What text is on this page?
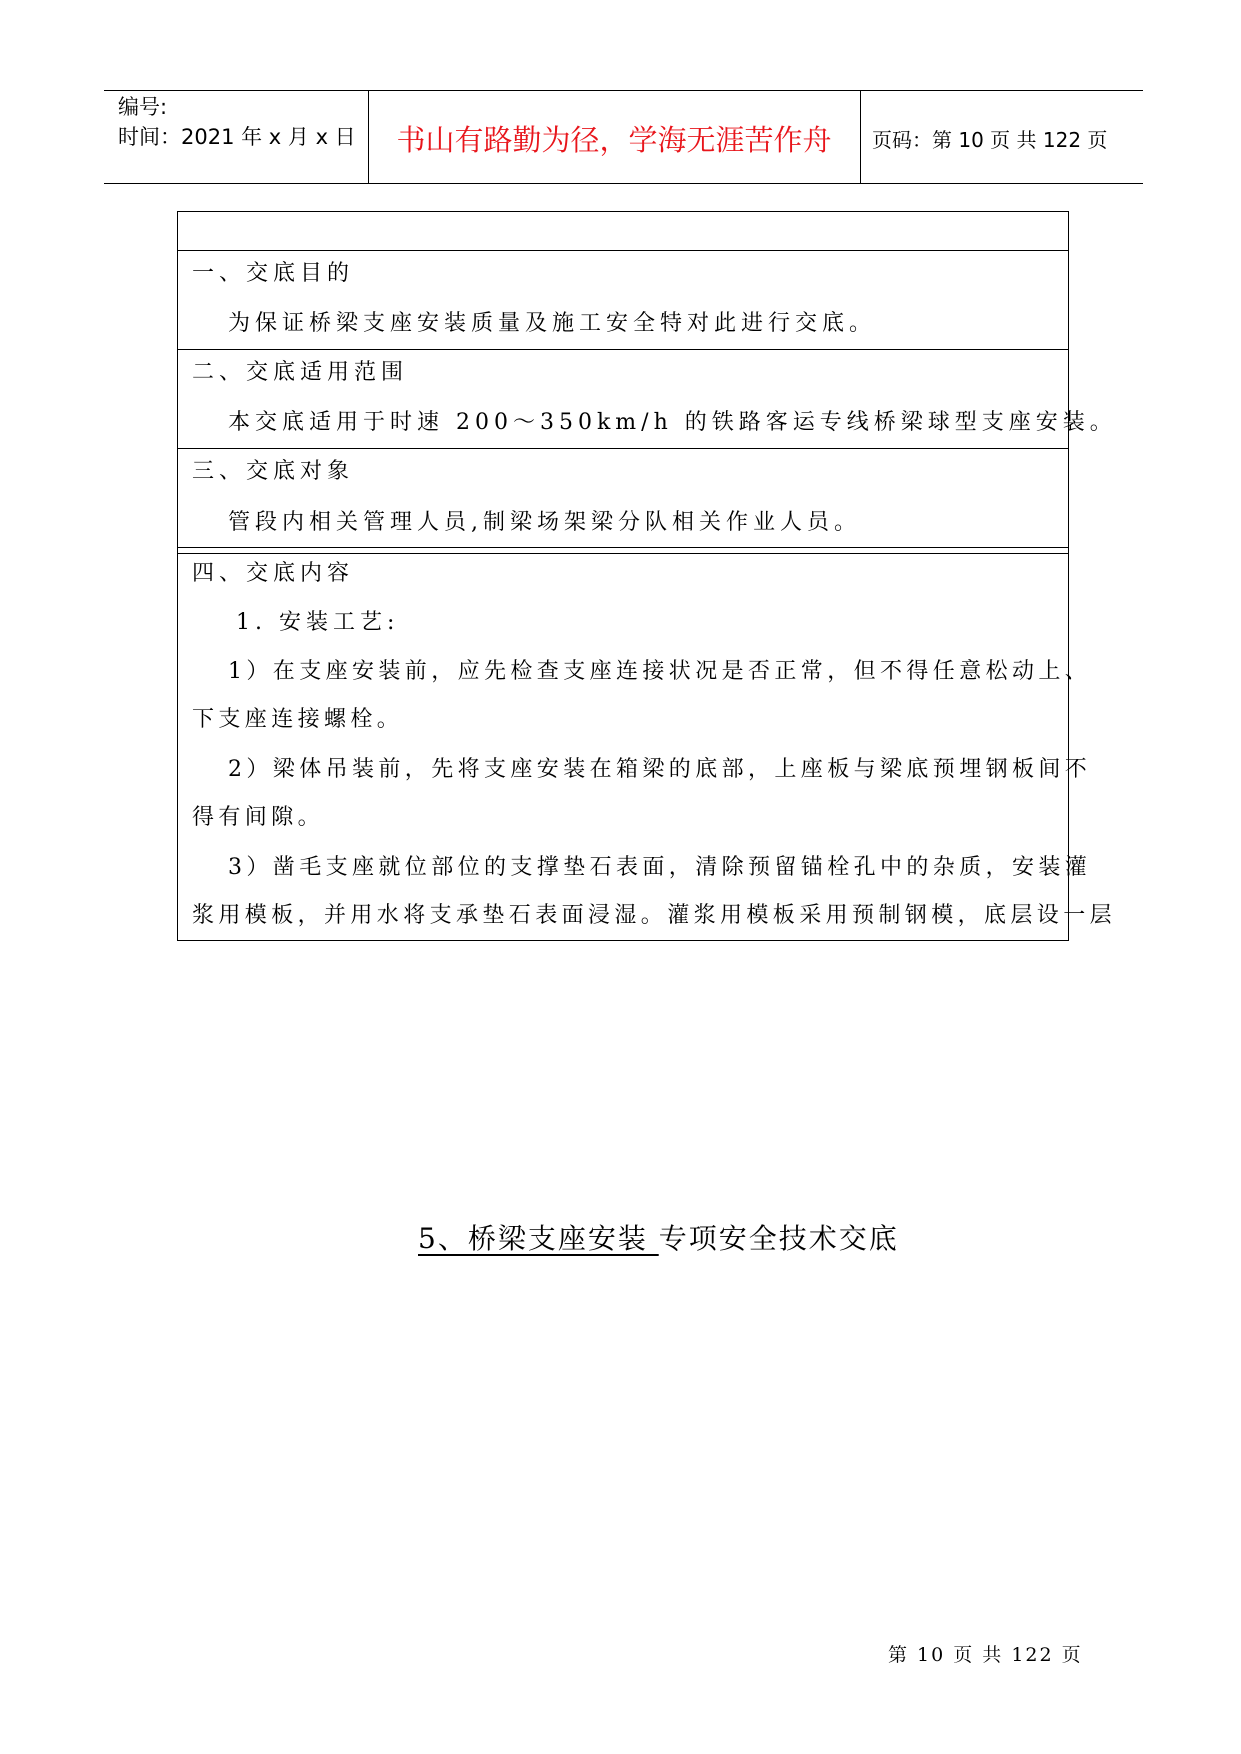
编号:
时间：2021 年 x 月 x 日	书山有路勤为径，学海无涯苦作舟	页码：第 10 页 共 122 页
一、交底目的
为保证桥梁支座安装质量及施工安全特对此进行交底。
二、交底适用范围
本交底适用于时速 200～350km/h 的铁路客运专线桥梁球型支座安装。
三、交底对象
管段内相关管理人员,制梁场架梁分队相关作业人员。
四、交底内容
1. 安装工艺:
1）在支座安装前，应先检查支座连接状况是否正常，但不得任意松动上、
下支座连接螺栓。
2）梁体吊装前，先将支座安装在箱梁的底部，上座板与梁底预埋钢板间不
得有间隙。
3）凿毛支座就位部位的支撑垫石表面，清除预留锚栓孔中的杂质，安装灌
浆用模板，并用水将支承垫石表面浸湿。灌浆用模板采用预制钢模，底层设一层
5、桥梁支座安装 专项安全技术交底
第 10 页 共 122 页
